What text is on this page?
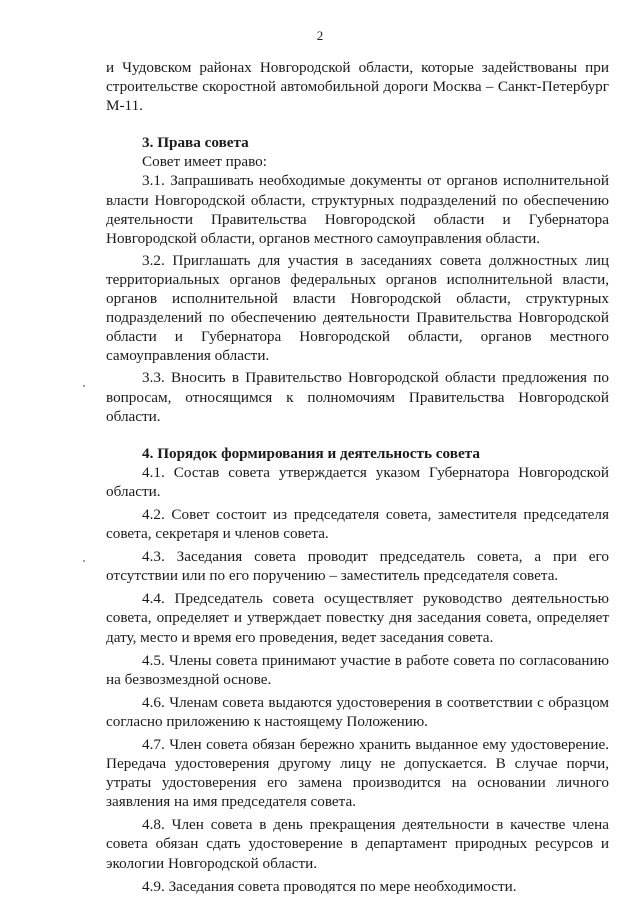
2

и Чудовском районах Новгородской области, которые задействованы при строительстве скоростной автомобильной дороги Москва – Санкт-Петербург М-11.

3. Права совета

Совет имеет право:

3.1. Запрашивать необходимые документы от органов исполнительной власти Новгородской области, структурных подразделений по обеспечению деятельности Правительства Новгородской области и Губернатора Новгородской области, органов местного самоуправления области.

3.2. Приглашать для участия в заседаниях совета должностных лиц территориальных органов федеральных органов исполнительной власти, органов исполнительной власти Новгородской области, структурных подразделений по обеспечению деятельности Правительства Новгородской области и Губернатора Новгородской области, органов местного самоуправления области.

3.3. Вносить в Правительство Новгородской области предложения по вопросам, относящимся к полномочиям Правительства Новгородской области.

4. Порядок формирования и деятельность совета

4.1. Состав совета утверждается указом Губернатора Новгородской области.

4.2. Совет состоит из председателя совета, заместителя председателя совета, секретаря и членов совета.

4.3. Заседания совета проводит председатель совета, а при его отсутствии или по его поручению – заместитель председателя совета.

4.4. Председатель совета осуществляет руководство деятельностью совета, определяет и утверждает повестку дня заседания совета, определяет дату, место и время его проведения, ведет заседания совета.

4.5. Члены совета принимают участие в работе совета по согласованию на безвозмездной основе.

4.6. Членам совета выдаются удостоверения в соответствии с образцом согласно приложению к настоящему Положению.

4.7. Член совета обязан бережно хранить выданное ему удостоверение. Передача удостоверения другому лицу не допускается. В случае порчи, утраты удостоверения его замена производится на основании личного заявления на имя председателя совета.

4.8. Член совета в день прекращения деятельности в качестве члена совета обязан сдать удостоверение в департамент природных ресурсов и экологии Новгородской области.

4.9. Заседания совета проводятся по мере необходимости.
